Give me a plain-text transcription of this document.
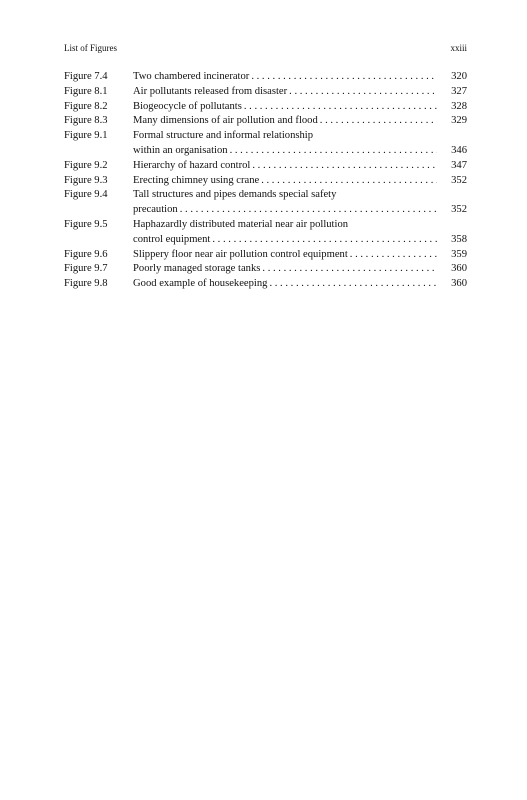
List of Figures	xxiii
Figure 7.4 Two chambered incinerator . . .	320
Figure 8.1 Air pollutants released from disaster . . .	327
Figure 8.2 Biogeocycle of pollutants . . .	328
Figure 8.3 Many dimensions of air pollution and flood . . .	329
Figure 9.1 Formal structure and informal relationship
within an organisation . . .	346
Figure 9.2 Hierarchy of hazard control . . .	347
Figure 9.3 Erecting chimney using crane . . .	352
Figure 9.4 Tall structures and pipes demands special safety
precaution . . .	352
Figure 9.5 Haphazardly distributed material near air pollution
control equipment . . .	358
Figure 9.6 Slippery floor near air pollution control equipment . . .	359
Figure 9.7 Poorly managed storage tanks . . .	360
Figure 9.8 Good example of housekeeping . . .	360
